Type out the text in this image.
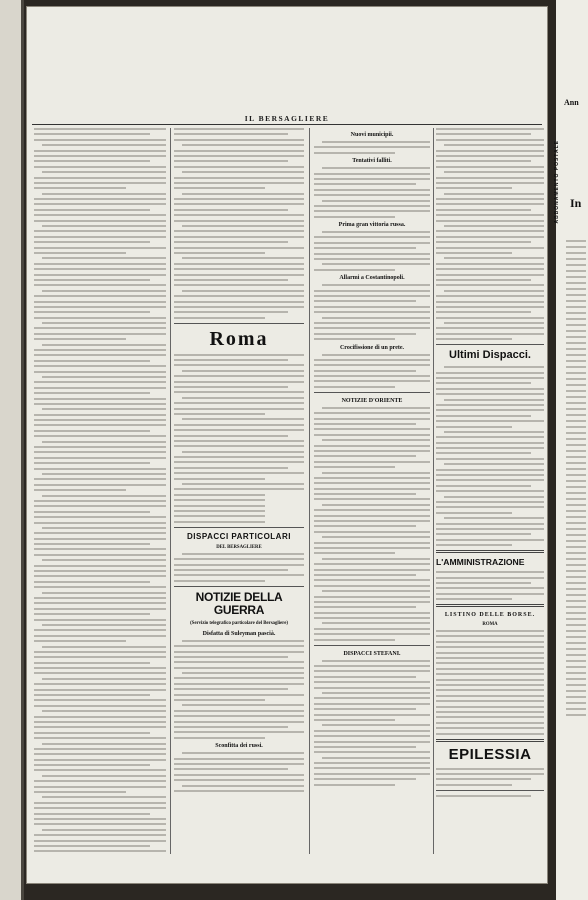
IL BERSAGLIERE
Roma
DISPACCI PARTICOLARI
DEL BERSAGLIERE
NOTIZIE DELLA GUERRA
(Servizio telegrafico particolare del Bersagliere)
Disfatta di Suleyman pascià.
Sconfitta dei russi.
Nuovi municipii.
Tentativi falliti.
Prima gran vittoria russa.
Allarmi a Costantinopoli.
Crocifissione di un prete.
NOTIZIE D'ORIENTE
DISPACCI STEFANI.
Ultimi Dispacci.
L'AMMINISTRAZIONE
LISTINO DELLE BORSE.
ROMA
EPILESSIA
Ann
ABBONAMENTO POSTALE In
